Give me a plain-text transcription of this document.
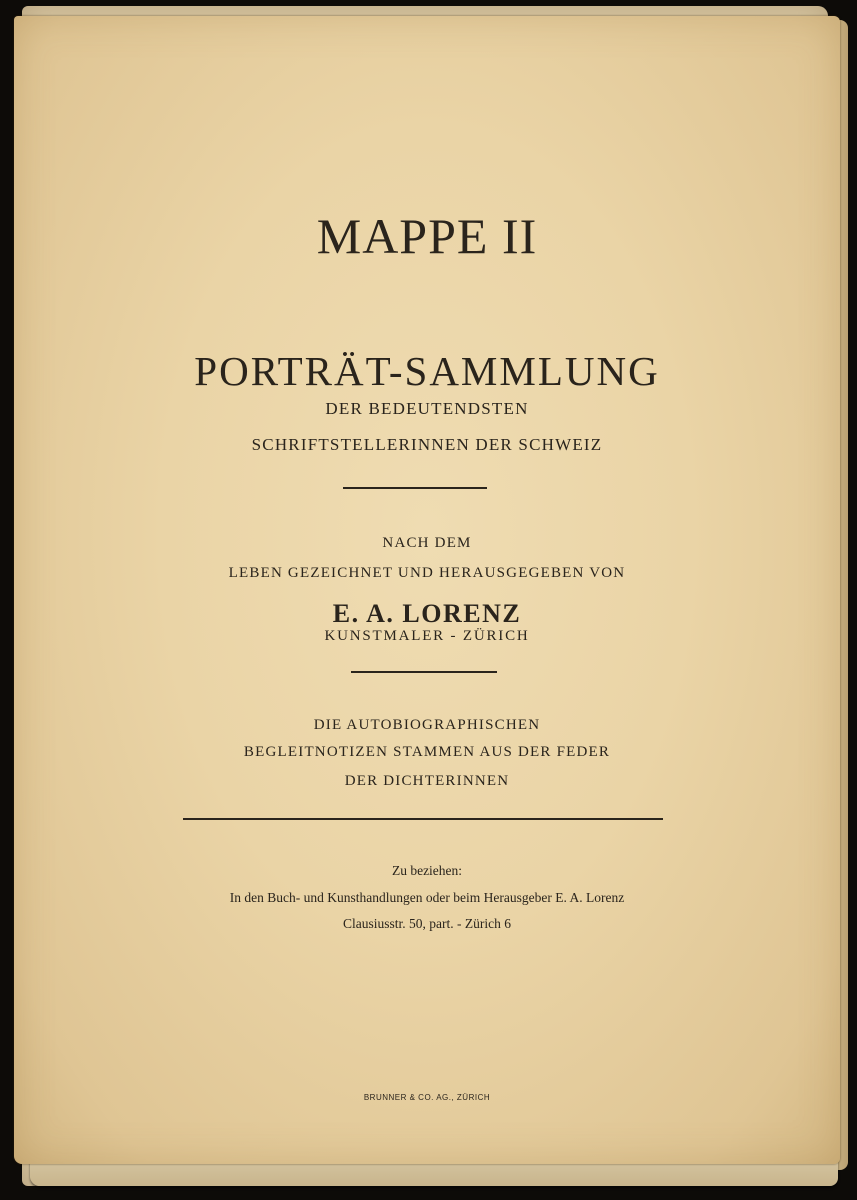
MAPPE II
PORTRÄT-SAMMLUNG
DER BEDEUTENDSTEN
SCHRIFTSTELLERINNEN DER SCHWEIZ
NACH DEM
LEBEN GEZEICHNET UND HERAUSGEGEBEN VON
E. A. LORENZ
KUNSTMALER - ZÜRICH
DIE AUTOBIOGRAPHISCHEN
BEGLEITNOTIZEN STAMMEN AUS DER FEDER
DER DICHTERINNEN
Zu beziehen:
In den Buch- und Kunsthandlungen oder beim Herausgeber E. A. Lorenz
Clausiusstr. 50, part. - Zürich 6
BRUNNER & CO. AG., ZÜRICH
